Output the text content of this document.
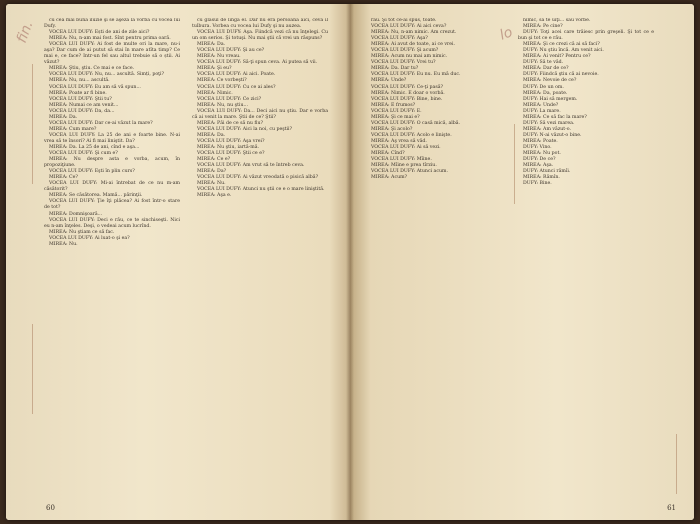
fin.	cu cea mai bună iluzie şi se aşeză la vorbă cu vocea lui Dufy.

VOCEA LUI DUFY: Ești de ani de zile aici?

MIREA: Nu, n-am mai fost. Sînt pentru prima oară.

VOCEA LUI DUFY: Ai fost de multe ori la mare, nu-i aşa? Dar cum de ai putut să stai în mare atîta timp? Ce mai e, ce face? Intr-un fel sau altul trebuie să o știi. Ai văzut?

MIREA: Ştiu, ştiu. Ce mai e ce face.

VOCEA LUI DUFY: Nu, nu... ascultă. Simți, poţi?

MIREA: Nu, nu... ascultă.

VOCEA LUI DUFY: Eu am să vă spun...

MIREA: Poate ar fi bine.

VOCEA LUI DUFY: Ştii tu?

MIREA: Numai ce am venit...

VOCEA LUI DUFY: Da, da...

MIREA: Da.

VOCEA LUI DUFY: Dar ce-ai văzut la mare?

MIREA: Cum mare?

VOCEA LUI DUFY: La 25 de ani e foarte bine. N-ai vrea să te însori? Ai fi mai liniştit. Da?

MIREA: Da. La 25 de ani, cînd e aşa...

VOCEA LUI DUFY: Şi cum e?

MIREA: Nu despre asta e vorba, acum, în propoziţiune.

VOCEA LUI DUFY: Eşti în plin curs?

MIREA: Ce?

VOCEA LUI DUFY: Mi-ai întrebat de ce nu m-am căsătorit?

MIREA: Se căsătorea. Mamă... părinţii.

VOCEA LUI DUFY: Ţie îţi plăcea? Ai fost într-o stare de tot?

MIREA: Domnişoară...

VOCEA LUI DUFY: Deci e rău, ce te sinchiseşti. Nici eu n-am înţeles. Deşi, o vedeai acum lucrînd.

MIREA: Nu ştiam ce să fac.

VOCEA LUI DUFY: Ai luat-o şi ea?

MIREA: Nu.

cu glasul de lîngă el. Dar nu era persoana aici, ceva îl tulbura. Vorbea cu vocea lui Dufy şi nu auzea.

VOCEA LUI DUFY: Aşa. Fiindcă vezi că nu înţelegi. Cu un om serios. Şi totuşi. Nu mai ştii că vrei un răspuns?

MIREA: Da.

VOCEA LUI DUFY: Şi au ce?

MIREA: Nu vreau.

VOCEA LUI DUFY: Să-ţi spun ceva. Ai putea să vii.

MIREA: Şi eu?

VOCEA LUI DUFY: Ai aici. Poate.

MIREA: Ce vorbeşti?

VOCEA LUI DUFY: Cu ce ai ales?

MIREA: Nimic.

VOCEA LUI DUFY: Ce zici?

MIREA: Nu, nu ştiu...

VOCEA LUI DUFY: Da... Deci aici nu ştiu. Dar e vorba că ai venit la mare. Ştii de ce? Ştii?

MIREA: Păi de ce să nu fiu?

VOCEA LUI DUFY: Aici la noi, cu peştii?

MIREA: Da.

VOCEA LUI DUFY: Aşa vrei?

MIREA: Nu ştiu, iartă-mă.

VOCEA LUI DUFY: Ştii ce e?

MIREA: Ce e?

VOCEA LUI DUFY: Am vrut să te întreb ceva.

MIREA: Da?

VOCEA LUI DUFY: Ai văzut vreodată o pisică albă?

MIREA: Nu.

VOCEA LUI DUFY: Atunci nu ştii ce e o mare liniştită.

MIREA: Aşa e.

60
lo

rău. Şi tot ce-ai spus, toate.

VOCEA LUI DUFY: Ai aici ceva?

MIREA: Nu, n-am nimic. Am crezut.

VOCEA LUI DUFY: Aşa?

MIREA: Ai avut de toate, ai ce vrei.

VOCEA LUI DUFY: Şi acum?

MIREA: Acum nu mai am nimic.

VOCEA LUI DUFY: Vrei tu?

MIREA: Da. Dar tu?

VOCEA LUI DUFY: Eu nu. Eu mă duc.

MIREA: Unde?

VOCEA LUI DUFY: Ce-ţi pasă?

MIREA: Nimic. E doar o vorbă.

VOCEA LUI DUFY: Bine, bine.

MIREA: E frumos?

VOCEA LUI DUFY: E.

MIREA: Şi ce mai e?

VOCEA LUI DUFY: O casă mică, albă.

MIREA: Şi acolo?

VOCEA LUI DUFY: Acolo e linişte.

MIREA: Aş vrea să văd.

VOCEA LUI DUFY: Ai să vezi.

MIREA: Cînd?

VOCEA LUI DUFY: Mîine.

MIREA: Mîine e prea tîrziu.

VOCEA LUI DUFY: Atunci acum.

MIREA: Acum?

nimic, să te uiţi... sau vorbe.

MIREA: Pe cine?

DUFY: Toţi acei care trăiesc prin greşeli. Şi tot ce e bun şi tot ce e rău.

MIREA: Şi ce crezi că ai să faci?

DUFY: Nu ştiu încă. Am venit aici.

MIREA: Ai venit? Pentru ce?

DUFY: Să te văd.

MIREA: Dar de ce?

DUFY: Fiindcă ştiu că ai nevoie.

MIREA: Nevoie de ce?

DUFY: De un om.

MIREA: Da, poate.

DUFY: Hai să mergem.

MIREA: Unde?

DUFY: La mare.

MIREA: Ce să fac la mare?

DUFY: Să vezi marea.

MIREA: Am văzut-o.

DUFY: N-ai văzut-o bine.

MIREA: Poate.

DUFY: Vino.

MIREA: Nu pot.

DUFY: De ce?

MIREA: Aşa.

DUFY: Atunci rămîi.

MIREA: Rămîn.

DUFY: Bine.

61
